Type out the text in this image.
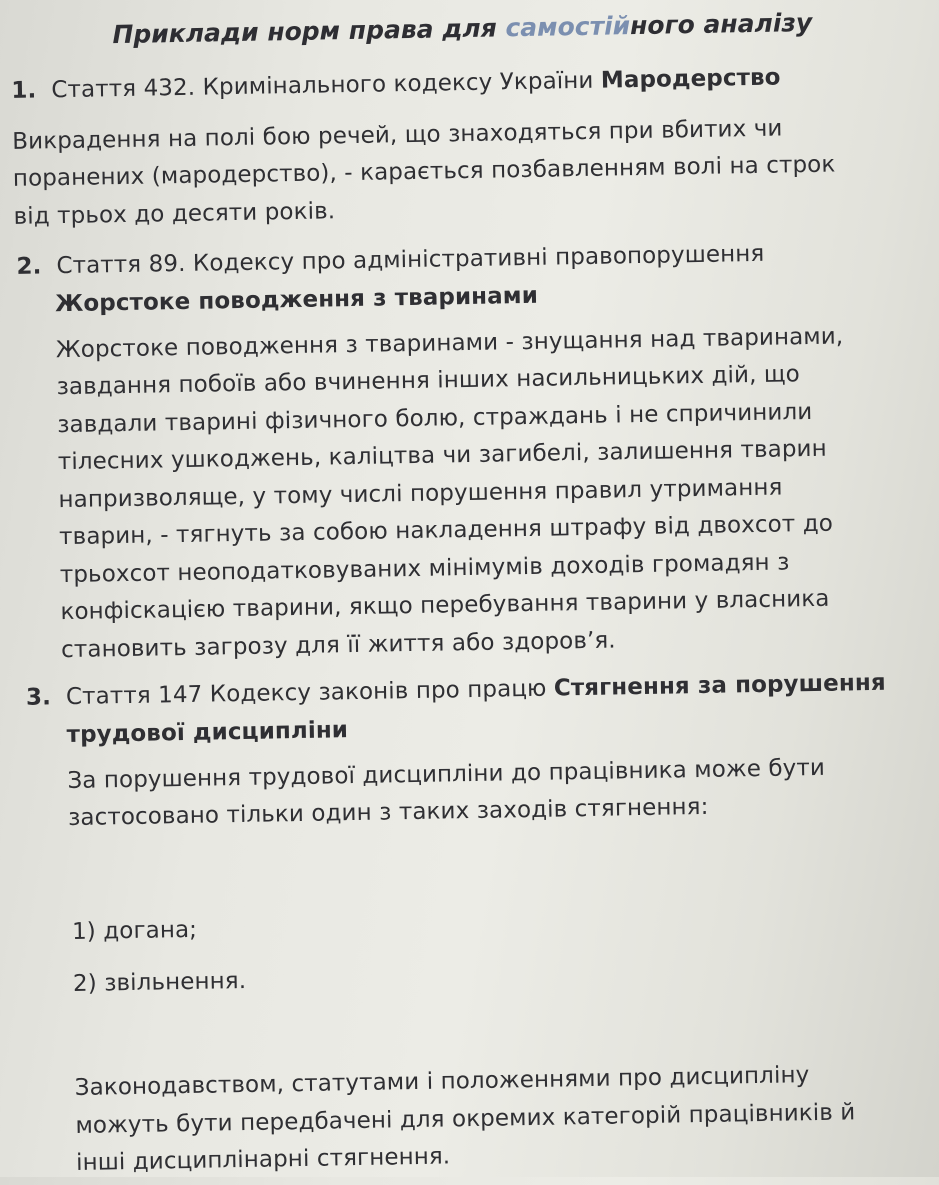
Приклади норм права для самостійного аналізу
1. Стаття 432. Кримінального кодексу України Мародерство
Викрадення на полі бою речей, що знаходяться при вбитих чи
поранених (мародерство), - карається позбавленням волі на строк
від трьох до десяти років.
2. Стаття 89. Кодексу про адміністративні правопорушення
Жорстоке поводження з тваринами
Жорстоке поводження з тваринами - знущання над тваринами,
завдання побоїв або вчинення інших насильницьких дій, що
завдали тварині фізичного болю, страждань і не спричинили
тілесних ушкоджень, каліцтва чи загибелі, залишення тварин
напризволяще, у тому числі порушення правил утримання
тварин, - тягнуть за собою накладення штрафу від двохсот до
трьохсот неоподатковуваних мінімумів доходів громадян з
конфіскацією тварини, якщо перебування тварини у власника
становить загрозу для її життя або здоров’я.
3. Стаття 147 Кодексу законів про працю Стягнення за порушення
трудової дисципліни
За порушення трудової дисципліни до працівника може бути
застосовано тільки один з таких заходів стягнення:
1) догана;
2) звільнення.
Законодавством, статутами і положеннями про дисципліну
можуть бути передбачені для окремих категорій працівників й
інші дисциплінарні стягнення.
